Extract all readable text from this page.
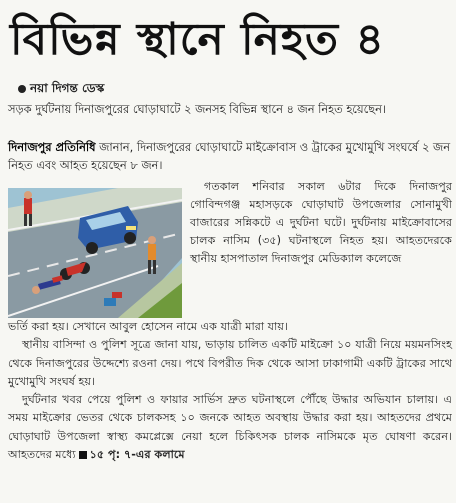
বিভিন্ন স্থানে নিহত ৪
নয়া দিগন্ত ডেস্ক
সড়ক দুর্ঘটনায় দিনাজপুরের ঘোড়াঘাটে ২ জনসহ বিভিন্ন স্থানে ৪ জন নিহত হয়েছেন।
দিনাজপুর প্রতিনিধি জানান, দিনাজপুরের ঘোড়াঘাটে মাইক্রোবাস ও ট্রাকের মুখোমুখি সংঘর্ষে ২ জন নিহত এবং আহত হয়েছেন ৮ জন।

গতকাল শনিবার সকাল ৬টার দিকে দিনাজপুর গোবিন্দগঞ্জ মহাসড়কে ঘোড়াঘাট উপজেলার সোনামুখী বাজারের সন্নিকটে এ দুর্ঘটনা ঘটে। দুর্ঘটনায় মাইক্রোবাসের চালক নাসিম (৩৫) ঘটনাস্থলে নিহত হয়। আহতদেরকে স্থানীয় হাসপাতাল দিনাজপুর মেডিক্যাল কলেজে

ভর্তি করা হয়। সেখানে আবুল হোসেন নামে এক যাত্রী মারা যায়।

স্থানীয় বাসিন্দা ও পুলিশ সূত্রে জানা যায়, ভাড়ায় চালিত একটি মাইক্রো ১০ যাত্রী নিয়ে ময়মনসিংহ থেকে দিনাজপুরের উদ্দেশ্যে রওনা দেয়। পথে বিপরীত দিক থেকে আসা ঢাকাগামী একটি ট্রাকের সাথে মুখোমুখি সংঘর্ষ হয়।

দুর্ঘটনার খবর পেয়ে পুলিশ ও ফায়ার সার্ভিস দ্রুত ঘটনাস্থলে পৌঁছে উদ্ধার অভিযান চালায়। এ সময় মাইক্রোর ভেতর থেকে চালকসহ ১০ জনকে আহত অবস্থায় উদ্ধার করা হয়। আহতদের প্রথমে ঘোড়াঘাট উপজেলা স্বাস্থ্য কমপ্লেক্সে নেয়া হলে চিকিৎসক চালক নাসিমকে মৃত ঘোষণা করেন। আহতদের মধ্যে ১৫ পৃ: ৭-এর কলামে
